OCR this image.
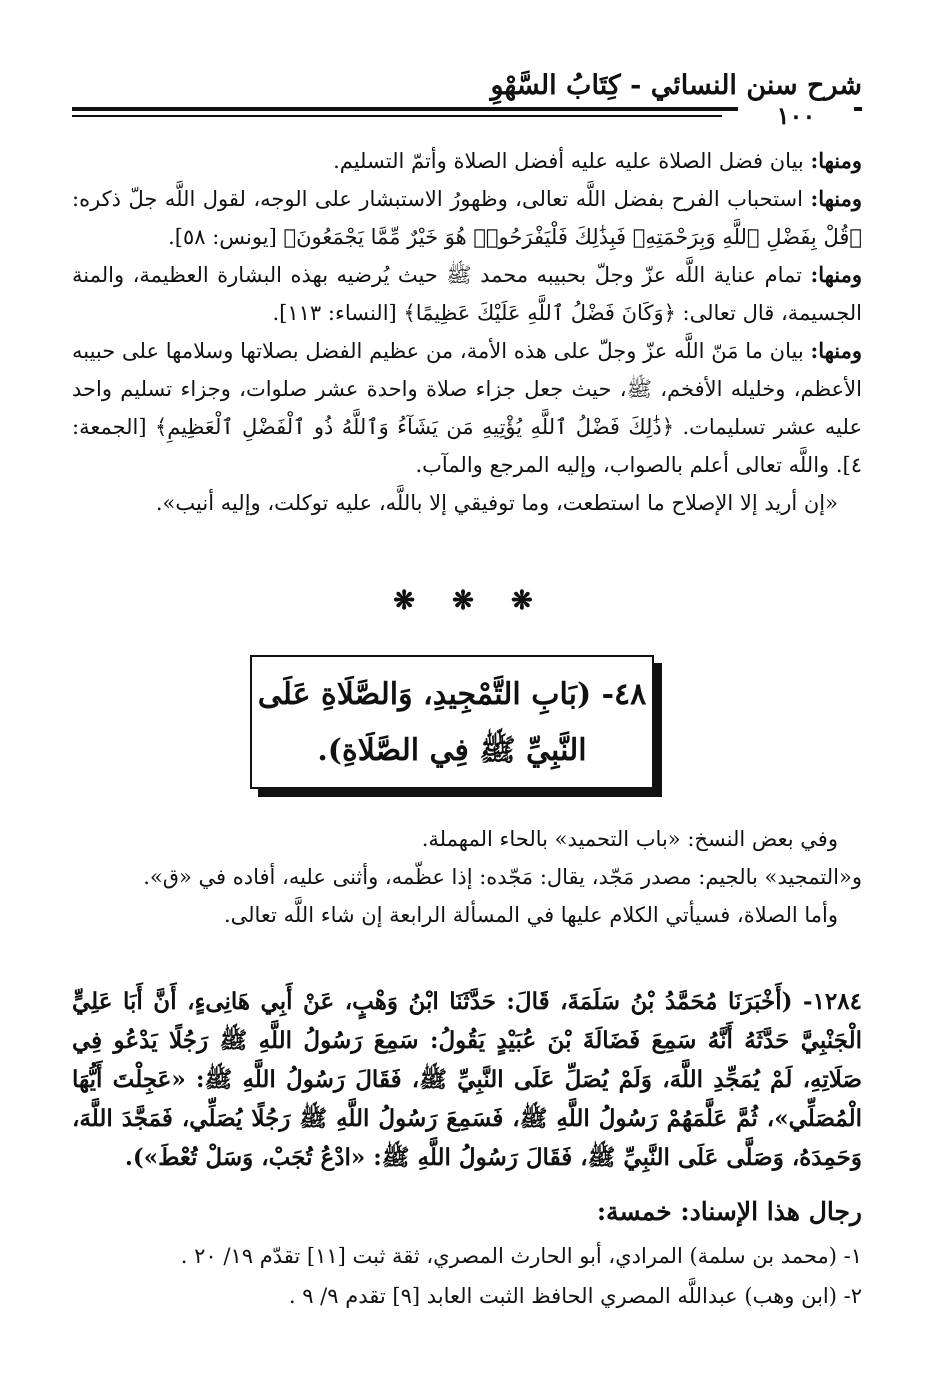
شرح سنن النسائي - كِتَابُ السَّهْوِ
١٠٠

ومنها: بيان فضل الصلاة عليه عليه أفضل الصلاة وأتمّ التسليم.

ومنها: استحباب الفرح بفضل اللَّه تعالى، وظهورُ الاستبشار على الوجه، لقول اللَّه جلّ ذكره: ﴿قُلْ بِفَضْلِ ٱللَّهِ وَبِرَحْمَتِهِۦ فَبِذَٰلِكَ فَلْيَفْرَحُوا۟ هُوَ خَيْرٌ مِّمَّا يَجْمَعُونَ﴾ [يونس: ٥٨].

ومنها: تمام عناية اللَّه عزّ وجلّ بحبيبه محمد ﷺ حيث يُرضيه بهذه البشارة العظيمة، والمنة الجسيمة، قال تعالى: ﴿وَكَانَ فَضْلُ ٱللَّهِ عَلَيْكَ عَظِيمًا﴾ [النساء: ١١٣].

ومنها: بيان ما مَنّ اللَّه عزّ وجلّ على هذه الأمة، من عظيم الفضل بصلاتها وسلامها على حبيبه الأعظم، وخليله الأفخم، ﷺ، حيث جعل جزاء صلاة واحدة عشر صلوات، وجزاء تسليم واحد عليه عشر تسليمات. ﴿ذَٰلِكَ فَضْلُ ٱللَّهِ يُؤْتِيهِ مَن يَشَآءُ وَٱللَّهُ ذُو ٱلْفَضْلِ ٱلْعَظِيمِ﴾ [الجمعة: ٤]. واللَّه تعالى أعلم بالصواب، وإليه المرجع والمآب.

«إن أريد إلا الإصلاح ما استطعت، وما توفيقي إلا باللَّه، عليه توكلت، وإليه أنيب».

❋ ❋ ❋

٤٨- (بَابِ التَّمْجِيدِ، وَالصَّلَاةِ عَلَى

النَّبِيِّ ﷺ فِي الصَّلَاةِ).

وفي بعض النسخ: «باب التحميد» بالحاء المهملة.

و«التمجيد» بالجيم: مصدر مَجّد، يقال: مَجّده: إذا عظّمه، وأثنى عليه، أفاده في «ق».

وأما الصلاة، فسيأتي الكلام عليها في المسألة الرابعة إن شاء اللَّه تعالى.

١٢٨٤- (أَخْبَرَنَا مُحَمَّدُ بْنُ سَلَمَةَ، قَالَ: حَدَّثَنَا ابْنُ وَهْبٍ، عَنْ أَبِي هَانِىءٍ، أَنَّ أَبَا عَلِيٍّ الْجَنْبِيَّ حَدَّثَهُ أَنَّهُ سَمِعَ فَضَالَةَ بْنَ عُبَيْدٍ يَقُولُ: سَمِعَ رَسُولُ اللَّهِ ﷺ رَجُلًا يَدْعُو فِي صَلَاتِهِ، لَمْ يُمَجِّدِ اللَّهَ، وَلَمْ يُصَلِّ عَلَى النَّبِيِّ ﷺ، فَقَالَ رَسُولُ اللَّهِ ﷺ: «عَجِلْتَ أَيُّهَا الْمُصَلِّي»، ثُمَّ عَلَّمَهُمْ رَسُولُ اللَّهِ ﷺ، فَسَمِعَ رَسُولُ اللَّهِ ﷺ رَجُلًا يُصَلِّي، فَمَجَّدَ اللَّهَ، وَحَمِدَهُ، وَصَلَّى عَلَى النَّبِيِّ ﷺ، فَقَالَ رَسُولُ اللَّهِ ﷺ: «ادْعُ تُجَبْ، وَسَلْ تُعْطَ»).

رجال هذا الإسناد: خمسة:

١- (محمد بن سلمة) المرادي، أبو الحارث المصري، ثقة ثبت [١١] تقدّم ١٩/ ٢٠ .

٢- (ابن وهب) عبداللَّه المصري الحافظ الثبت العابد [٩] تقدم ٩/ ٩ .
